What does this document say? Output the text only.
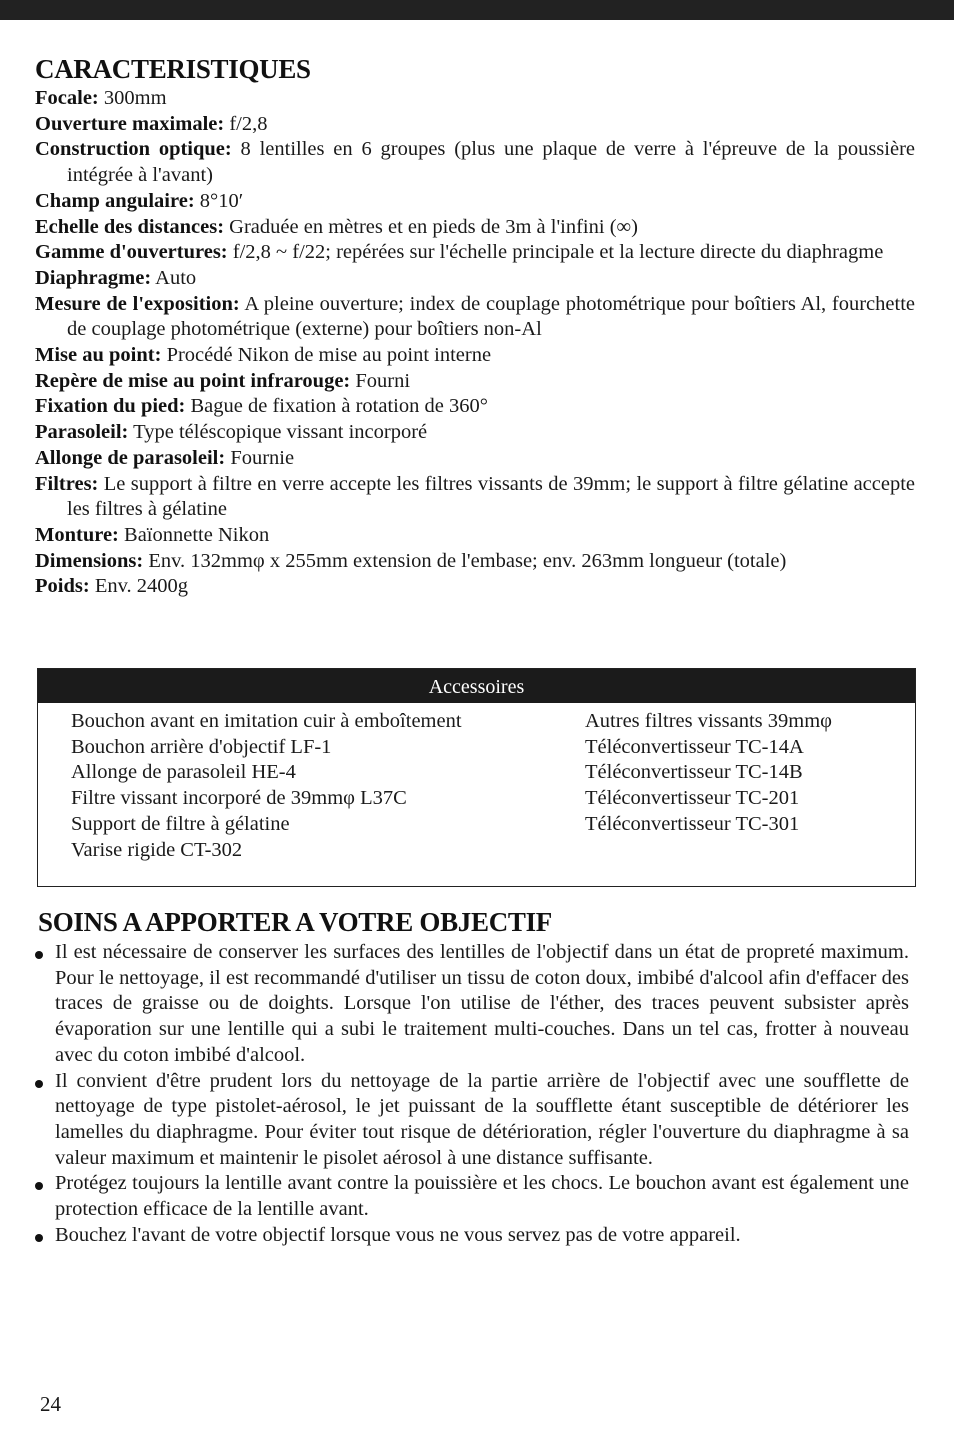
CARACTERISTIQUES
Focale: 300mm
Ouverture maximale: f/2,8
Construction optique: 8 lentilles en 6 groupes (plus une plaque de verre à l'épreuve de la poussière intégrée à l'avant)
Champ angulaire: 8°10′
Echelle des distances: Graduée en mètres et en pieds de 3m à l'infini (∞)
Gamme d'ouvertures: f/2,8 ~ f/22; repérées sur l'échelle principale et la lecture directe du diaphragme
Diaphragme: Auto
Mesure de l'exposition: A pleine ouverture; index de couplage photométrique pour boîtiers Al, fourchette de couplage photométrique (externe) pour boîtiers non-Al
Mise au point: Procédé Nikon de mise au point interne
Repère de mise au point infrarouge: Fourni
Fixation du pied: Bague de fixation à rotation de 360°
Parasoleil: Type téléscopique vissant incorporé
Allonge de parasoleil: Fournie
Filtres: Le support à filtre en verre accepte les filtres vissants de 39mm; le support à filtre gélatine accepte les filtres à gélatine
Monture: Baïonnette Nikon
Dimensions: Env. 132mmφ x 255mm extension de l'embase; env. 263mm longueur (totale)
Poids: Env. 2400g
Accessoires
Bouchon avant en imitation cuir à emboîtement
Bouchon arrière d'objectif LF-1
Allonge de parasoleil HE-4
Filtre vissant incorporé de 39mmφ L37C
Support de filtre à gélatine
Varise rigide CT-302
Autres filtres vissants 39mmφ
Téléconvertisseur TC-14A
Téléconvertisseur TC-14B
Téléconvertisseur TC-201
Téléconvertisseur TC-301
SOINS A APPORTER A VOTRE OBJECTIF
Il est nécessaire de conserver les surfaces des lentilles de l'objectif dans un état de propreté maximum. Pour le nettoyage, il est recommandé d'utiliser un tissu de coton doux, imbibé d'alcool afin d'effacer des traces de graisse ou de doights. Lorsque l'on utilise de l'éther, des traces peuvent subsister après évaporation sur une lentille qui a subi le traitement multi-couches. Dans un tel cas, frotter à nouveau avec du coton imbibé d'alcool.
Il convient d'être prudent lors du nettoyage de la partie arrière de l'objectif avec une soufflette de nettoyage de type pistolet-aérosol, le jet puissant de la soufflette étant susceptible de détériorer les lamelles du diaphragme. Pour éviter tout risque de détérioration, régler l'ouverture du diaphragme à sa valeur maximum et maintenir le pisolet aérosol à une distance suffisante.
Protégez toujours la lentille avant contre la pouissière et les chocs. Le bouchon avant est également une protection efficace de la lentille avant.
Bouchez l'avant de votre objectif lorsque vous ne vous servez pas de votre appareil.
24
